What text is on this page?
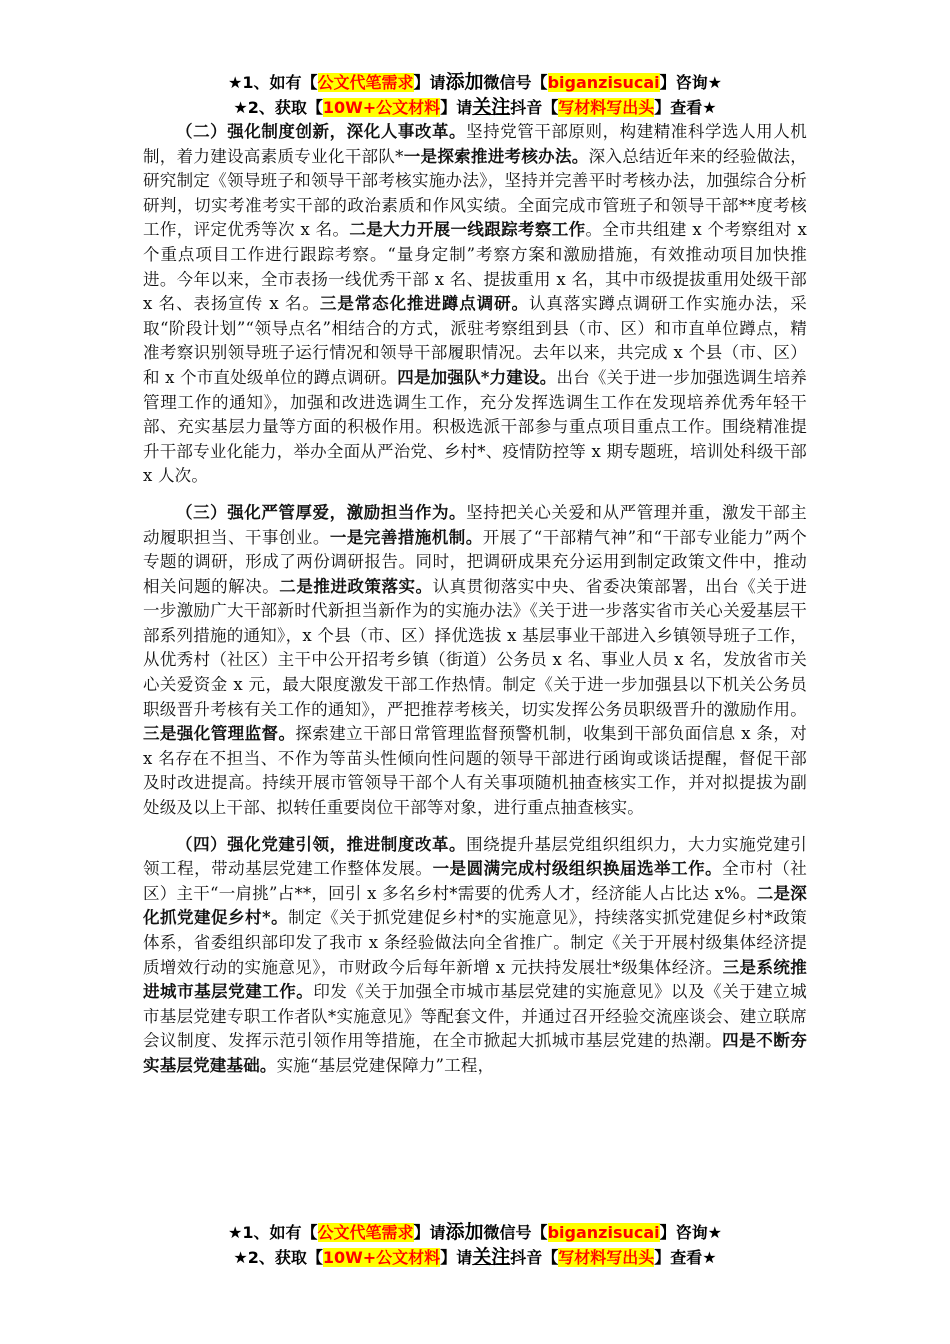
★1、如有【公文代笔需求】请添加微信号【biganzisucai】咨询★
★2、获取【10W+公文材料】请关注抖音【写材料写出头】查看★

（二）强化制度创新，深化人事改革。坚持党管干部原则，构建精准科学选人用人机制，着力建设高素质专业化干部队*一是探索推进考核办法。深入总结近年来的经验做法，研究制定《领导班子和领导干部考核实施办法》，坚持并完善平时考核办法，加强综合分析研判，切实考准考实干部的政治素质和作风实绩。全面完成市管班子和领导干部**度考核工作，评定优秀等次 x 名。二是大力开展一线跟踪考察工作。全市共组建 x 个考察组对 x 个重点项目工作进行跟踪考察。“量身定制”考察方案和激励措施，有效推动项目加快推进。今年以来，全市表扬一线优秀干部 x 名、提拔重用 x 名，其中市级提拔重用处级干部 x 名、表扬宣传 x 名。三是常态化推进蹲点调研。认真落实蹲点调研工作实施办法，采取“阶段计划”“领导点名”相结合的方式，派驻考察组到县（市、区）和市直单位蹲点，精准考察识别领导班子运行情况和领导干部履职情况。去年以来，共完成 x 个县（市、区）和 x 个市直处级单位的蹲点调研。四是加强队*力建设。出台《关于进一步加强选调生培养管理工作的通知》，加强和改进选调生工作，充分发挥选调生工作在发现培养优秀年轻干部、充实基层力量等方面的积极作用。积极选派干部参与重点项目重点工作。围绕精准提升干部专业化能力，举办全面从严治党、乡村*、疫情防控等 x 期专题班，培训处科级干部 x 人次。

（三）强化严管厚爱，激励担当作为。坚持把关心关爱和从严管理并重，激发干部主动履职担当、干事创业。一是完善措施机制。开展了“干部精气神”和“干部专业能力”两个专题的调研，形成了两份调研报告。同时，把调研成果充分运用到制定政策文件中，推动相关问题的解决。二是推进政策落实。认真贯彻落实中央、省委决策部署，出台《关于进一步激励广大干部新时代新担当新作为的实施办法》《关于进一步落实省市关心关爱基层干部系列措施的通知》，x 个县（市、区）择优选拔 x 基层事业干部进入乡镇领导班子工作，从优秀村（社区）主干中公开招考乡镇（街道）公务员 x 名、事业人员 x 名，发放省市关心关爱资金 x 元，最大限度激发干部工作热情。制定《关于进一步加强县以下机关公务员职级晋升考核有关工作的通知》，严把推荐考核关，切实发挥公务员职级晋升的激励作用。三是强化管理监督。探索建立干部日常管理监督预警机制，收集到干部负面信息 x 条，对 x 名存在不担当、不作为等苗头性倾向性问题的领导干部进行函询或谈话提醒，督促干部及时改进提高。持续开展市管领导干部个人有关事项随机抽查核实工作，并对拟提拔为副处级及以上干部、拟转任重要岗位干部等对象，进行重点抽查核实。

（四）强化党建引领，推进制度改革。围绕提升基层党组织组织力，大力实施党建引领工程，带动基层党建工作整体发展。一是圆满完成村级组织换届选举工作。全市村（社区）主干“一肩挑”占**，回引 x 多名乡村*需要的优秀人才，经济能人占比达 x%。二是深化抓党建促乡村*。制定《关于抓党建促乡村*的实施意见》，持续落实抓党建促乡村*政策体系，省委组织部印发了我市 x 条经验做法向全省推广。制定《关于开展村级集体经济提质增效行动的实施意见》，市财政今后每年新增 x 元扶持发展壮*级集体经济。三是系统推进城市基层党建工作。印发《关于加强全市城市基层党建的实施意见》以及《关于建立城市基层党建专职工作者队*实施意见》等配套文件，并通过召开经验交流座谈会、建立联席会议制度、发挥示范引领作用等措施，在全市掀起大抓城市基层党建的热潮。四是不断夯实基层党建基础。实施“基层党建保障力”工程，

★1、如有【公文代笔需求】请添加微信号【biganzisucai】咨询★
★2、获取【10W+公文材料】请关注抖音【写材料写出头】查看★
